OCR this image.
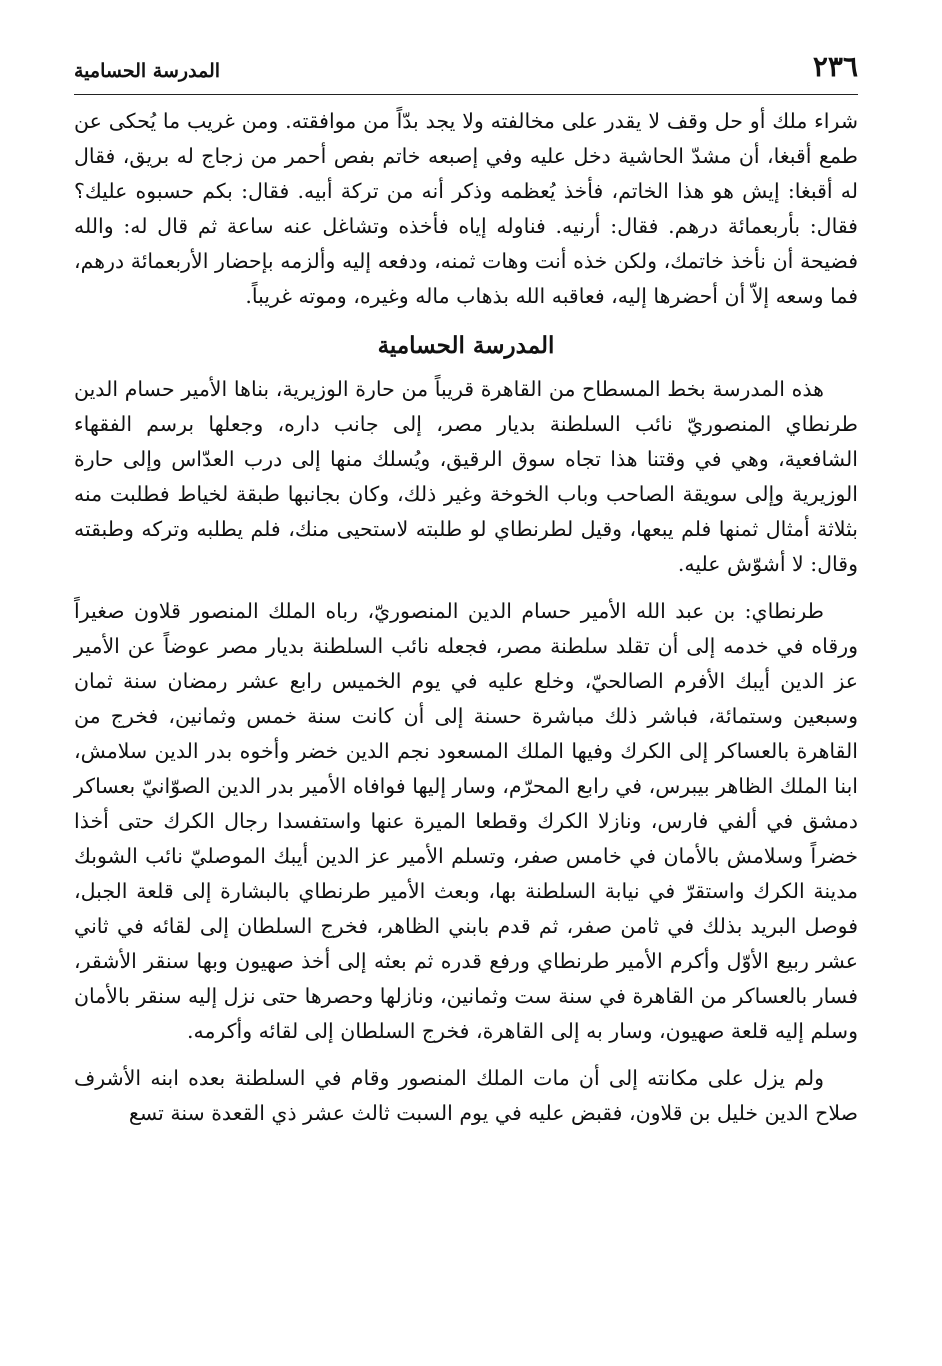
٢٣٦
المدرسة الحسامية

شراء ملك أو حل وقف لا يقدر على مخالفته ولا يجد بدّاً من موافقته. ومن غريب ما يُحكى عن طمع أقبغا، أن مشدّ الحاشية دخل عليه وفي إصبعه خاتم بفص أحمر من زجاج له بريق، فقال له أقبغا: إيش هو هذا الخاتم، فأخذ يُعظمه وذكر أنه من تركة أبيه. فقال: بكم حسبوه عليك؟ فقال: بأربعمائة درهم. فقال: أرنيه. فناوله إياه فأخذه وتشاغل عنه ساعة ثم قال له: والله فضيحة أن نأخذ خاتمك، ولكن خذه أنت وهات ثمنه، ودفعه إليه وألزمه بإحضار الأربعمائة درهم، فما وسعه إلاّ أن أحضرها إليه، فعاقبه الله بذهاب ماله وغيره، وموته غريباً.

المدرسة الحسامية

هذه المدرسة بخط المسطاح من القاهرة قريباً من حارة الوزيرية، بناها الأمير حسام الدين طرنطاي المنصوريّ نائب السلطنة بديار مصر، إلى جانب داره، وجعلها برسم الفقهاء الشافعية، وهي في وقتنا هذا تجاه سوق الرقيق، ويُسلك منها إلى درب العدّاس وإلى حارة الوزيرية وإلى سويقة الصاحب وباب الخوخة وغير ذلك، وكان بجانبها طبقة لخياط فطلبت منه بثلاثة أمثال ثمنها فلم يبعها، وقيل لطرنطاي لو طلبته لاستحيى منك، فلم يطلبه وتركه وطبقته وقال: لا أشوّش عليه.

طرنطاي: بن عبد الله الأمير حسام الدين المنصوريّ، رباه الملك المنصور قلاون صغيراً ورقاه في خدمه إلى أن تقلد سلطنة مصر، فجعله نائب السلطنة بديار مصر عوضاً عن الأمير عز الدين أيبك الأفرم الصالحيّ، وخلع عليه في يوم الخميس رابع عشر رمضان سنة ثمان وسبعين وستمائة، فباشر ذلك مباشرة حسنة إلى أن كانت سنة خمس وثمانين، فخرج من القاهرة بالعساكر إلى الكرك وفيها الملك المسعود نجم الدين خضر وأخوه بدر الدين سلامش، ابنا الملك الظاهر بيبرس، في رابع المحرّم، وسار إليها فوافاه الأمير بدر الدين الصوّانيّ بعساكر دمشق في ألفي فارس، ونازلا الكرك وقطعا الميرة عنها واستفسدا رجال الكرك حتى أخذا خضراً وسلامش بالأمان في خامس صفر، وتسلم الأمير عز الدين أيبك الموصليّ نائب الشوبك مدينة الكرك واستقرّ في نيابة السلطنة بها، وبعث الأمير طرنطاي بالبشارة إلى قلعة الجبل، فوصل البريد بذلك في ثامن صفر، ثم قدم بابني الظاهر، فخرج السلطان إلى لقائه في ثاني عشر ربيع الأوّل وأكرم الأمير طرنطاي ورفع قدره ثم بعثه إلى أخذ صهيون وبها سنقر الأشقر، فسار بالعساكر من القاهرة في سنة ست وثمانين، ونازلها وحصرها حتى نزل إليه سنقر بالأمان وسلم إليه قلعة صهيون، وسار به إلى القاهرة، فخرج السلطان إلى لقائه وأكرمه.

ولم يزل على مكانته إلى أن مات الملك المنصور وقام في السلطنة بعده ابنه الأشرف صلاح الدين خليل بن قلاون، فقبض عليه في يوم السبت ثالث عشر ذي القعدة سنة تسع
